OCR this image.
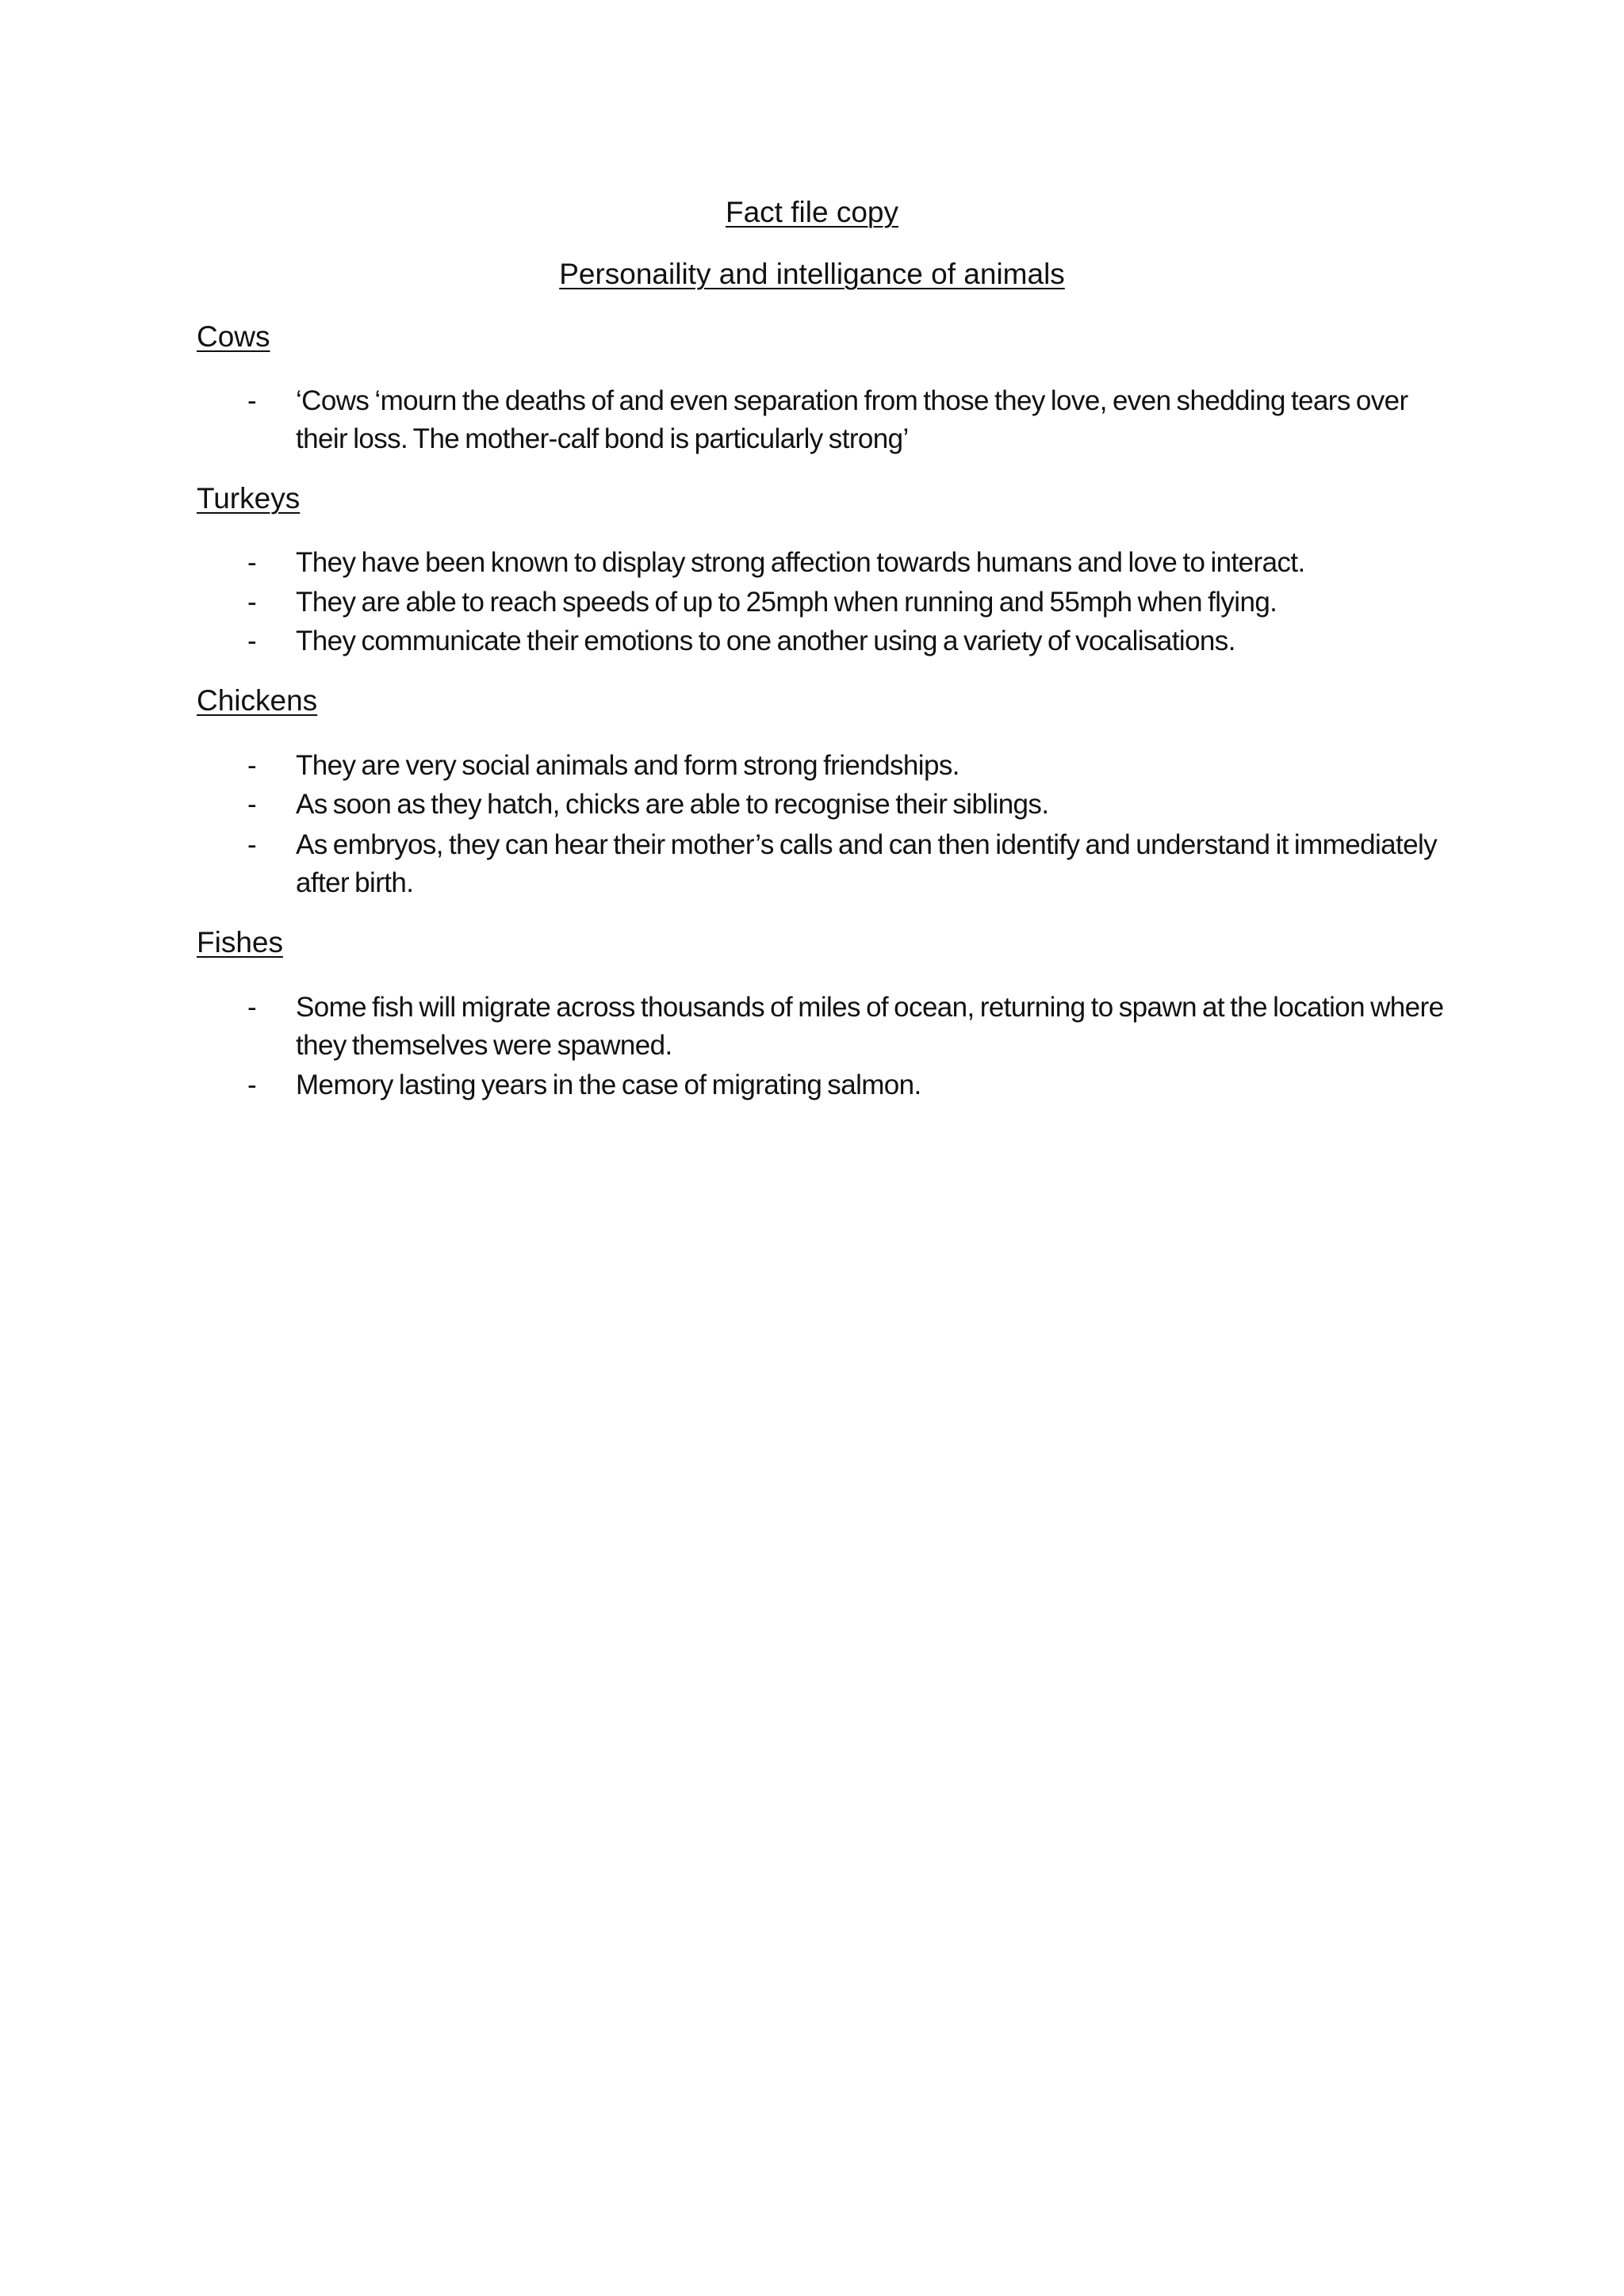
Fact file copy
Personaility and intelligance of animals
Cows
- ‘Cows ‘mourn the deaths of and even separation from those they love, even shedding tears over their loss. The mother-calf bond is particularly strong’
Turkeys
- They have been known to display strong affection towards humans and love to interact.
- They are able to reach speeds of up to 25mph when running and 55mph when flying.
- They communicate their emotions to one another using a variety of vocalisations.
Chickens
- They are very social animals and form strong friendships.
- As soon as they hatch, chicks are able to recognise their siblings.
- As embryos, they can hear their mother’s calls and can then identify and understand it immediately after birth.
Fishes
- Some fish will migrate across thousands of miles of ocean, returning to spawn at the location where they themselves were spawned.
- Memory lasting years in the case of migrating salmon.
